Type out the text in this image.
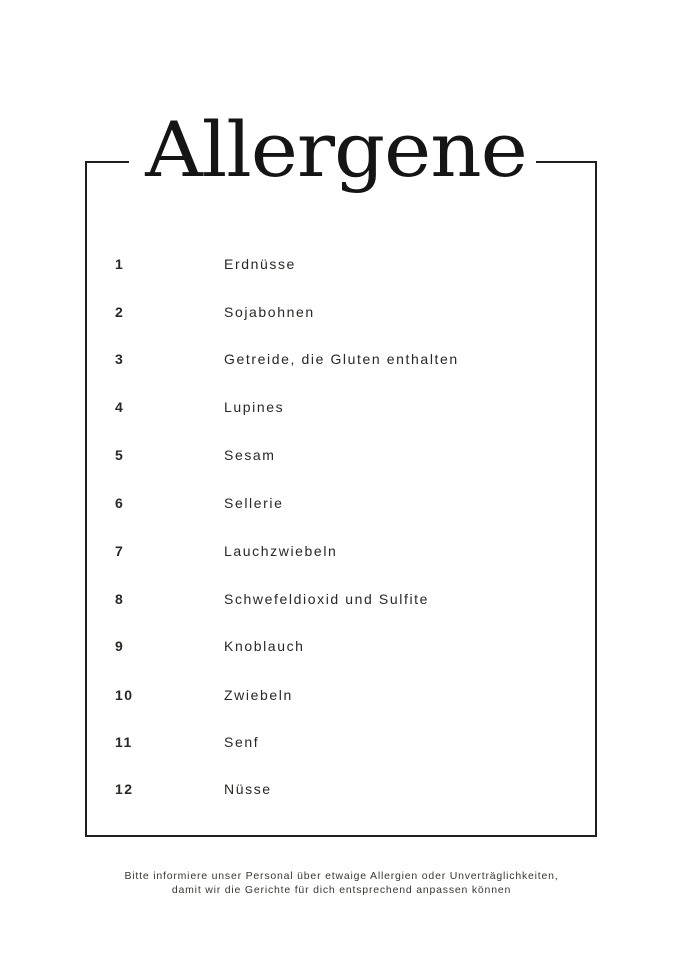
Allergene
1	Erdnüsse
2	Sojabohnen
3	Getreide, die Gluten enthalten
4	Lupines
5	Sesam
6	Sellerie
7	Lauchzwiebeln
8	Schwefeldioxid und Sulfite
9	Knoblauch
10	Zwiebeln
11	Senf
12	Nüsse
Bitte informiere unser Personal über etwaige Allergien oder Unverträglichkeiten,
damit wir die Gerichte für dich entsprechend anpassen können
